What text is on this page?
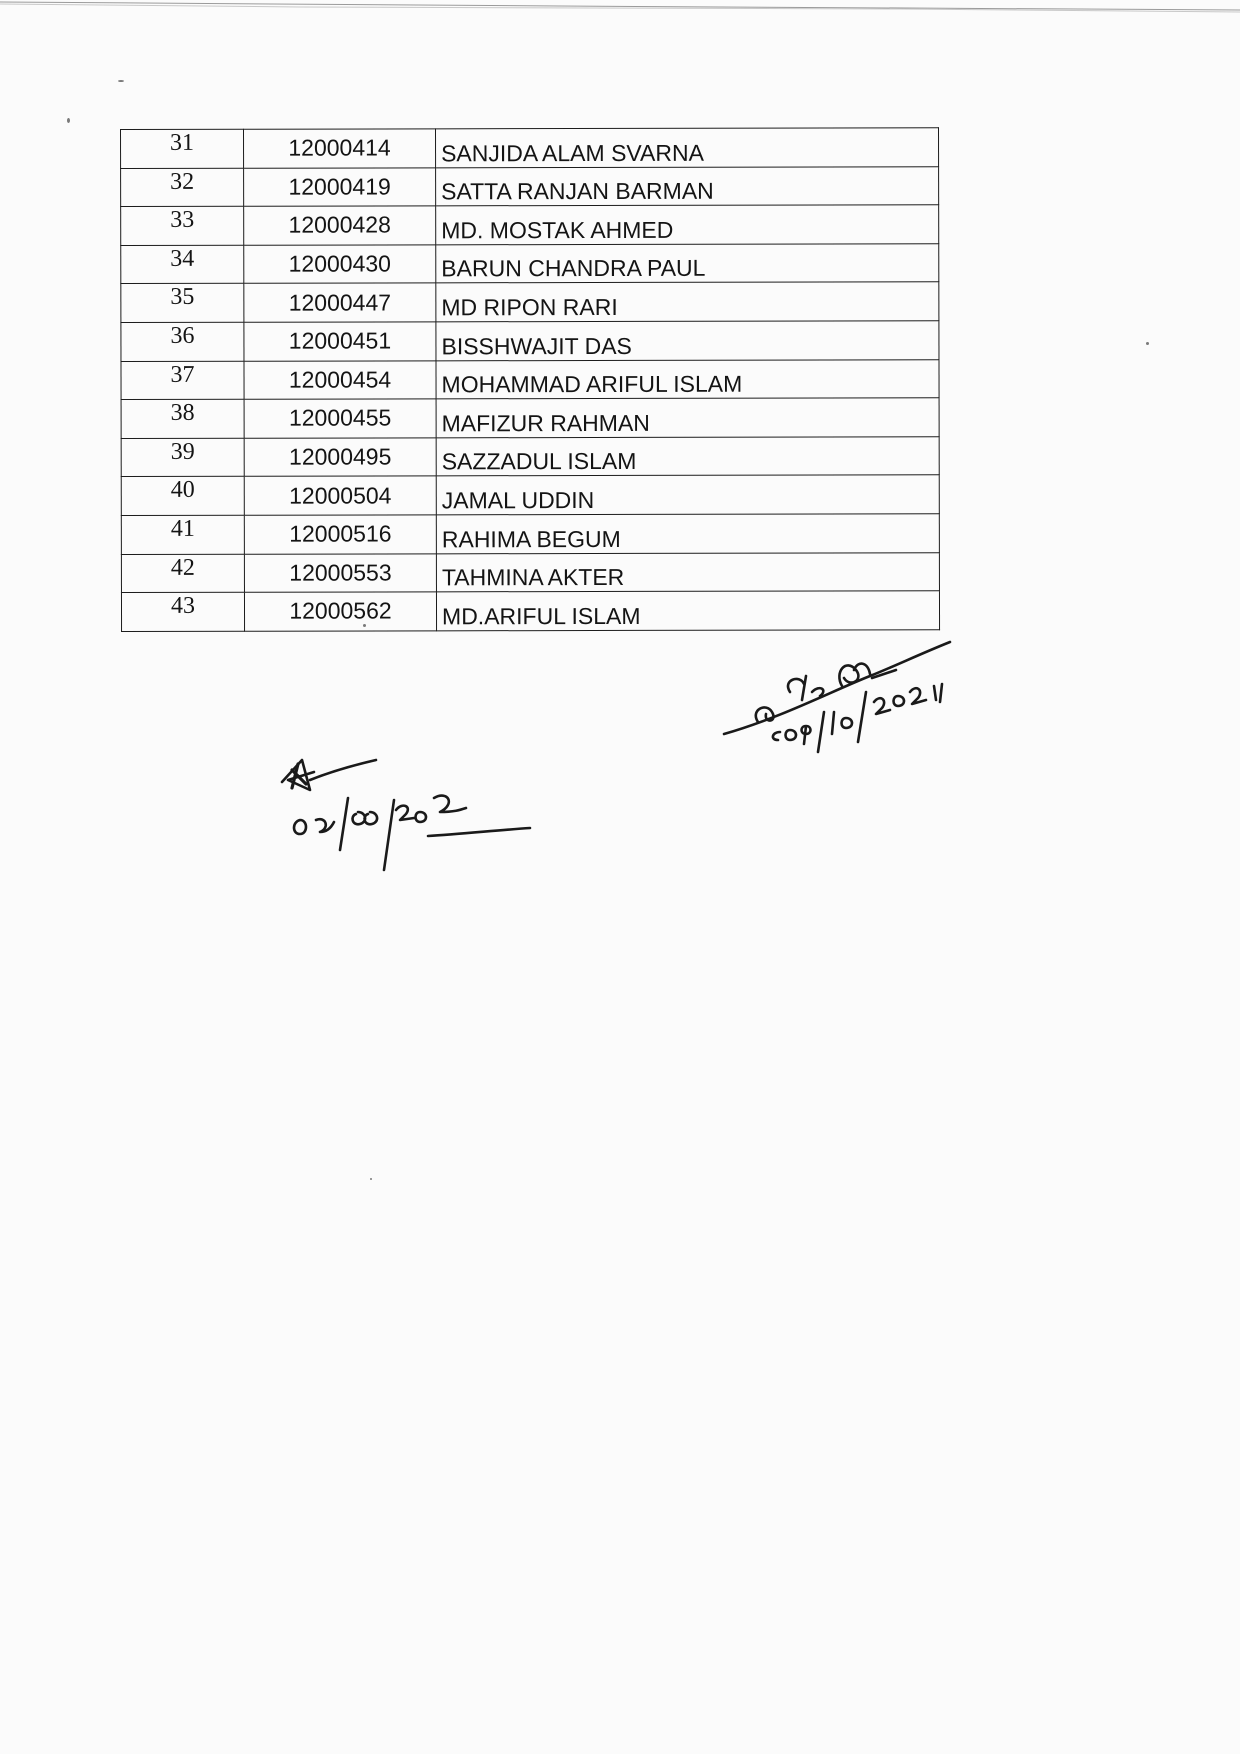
31	12000414	SANJIDA ALAM SVARNA
32	12000419	SATTA RANJAN BARMAN
33	12000428	MD. MOSTAK AHMED
34	12000430	BARUN CHANDRA PAUL
35	12000447	MD RIPON RARI
36	12000451	BISSHWAJIT DAS
37	12000454	MOHAMMAD ARIFUL ISLAM
38	12000455	MAFIZUR RAHMAN
39	12000495	SAZZADUL ISLAM
40	12000504	JAMAL UDDIN
41	12000516	RAHIMA BEGUM
42	12000553	TAHMINA AKTER
43	12000562	MD.ARIFUL ISLAM
